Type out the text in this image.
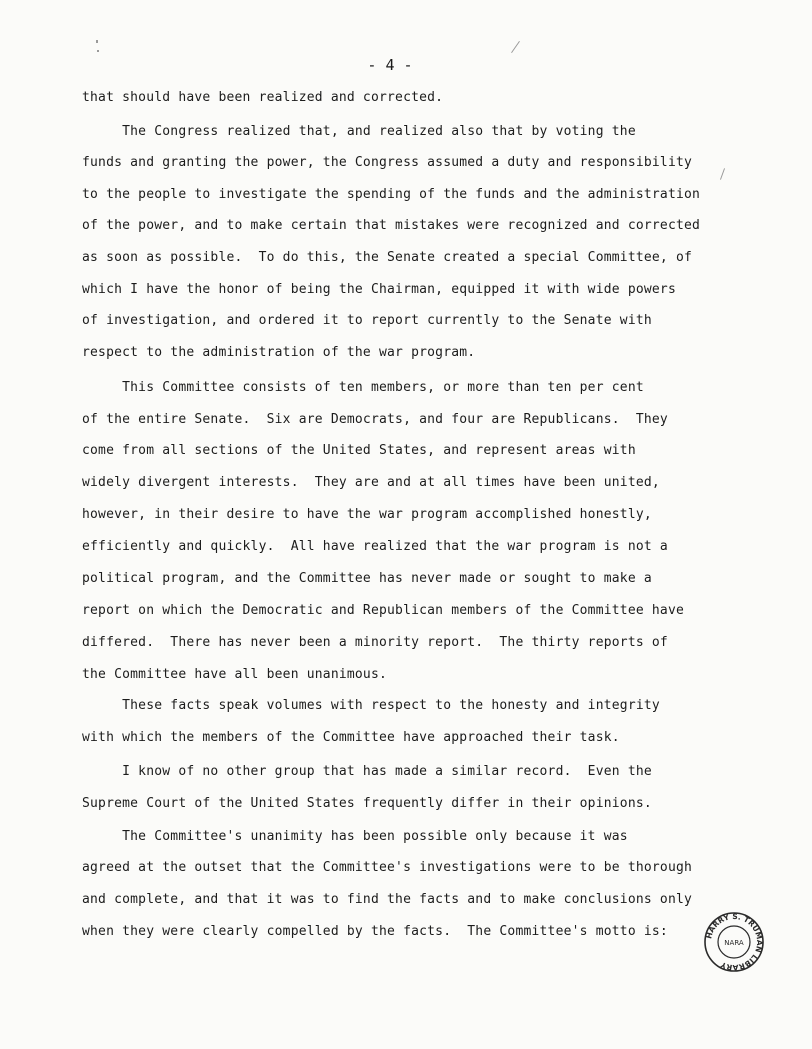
- 4 -
that should have been realized and corrected.
The Congress realized that, and realized also that by voting the
funds and granting the power, the Congress assumed a duty and responsibility
to the people to investigate the spending of the funds and the administration
of the power, and to make certain that mistakes were recognized and corrected
as soon as possible.  To do this, the Senate created a special Committee, of
which I have the honor of being the Chairman, equipped it with wide powers
of investigation, and ordered it to report currently to the Senate with
respect to the administration of the war program.
This Committee consists of ten members, or more than ten per cent
of the entire Senate.  Six are Democrats, and four are Republicans.  They
come from all sections of the United States, and represent areas with
widely divergent interests.  They are and at all times have been united,
however, in their desire to have the war program accomplished honestly,
efficiently and quickly.  All have realized that the war program is not a
political program, and the Committee has never made or sought to make a
report on which the Democratic and Republican members of the Committee have
differed.  There has never been a minority report.  The thirty reports of
the Committee have all been unanimous.
These facts speak volumes with respect to the honesty and integrity
with which the members of the Committee have approached their task.
I know of no other group that has made a similar record.  Even the
Supreme Court of the United States frequently differ in their opinions.
The Committee's unanimity has been possible only because it was
agreed at the outset that the Committee's investigations were to be thorough
and complete, and that it was to find the facts and to make conclusions only
when they were clearly compelled by the facts.  The Committee's motto is:	HARRY S. TRUMAN LIBRARY
NARA
